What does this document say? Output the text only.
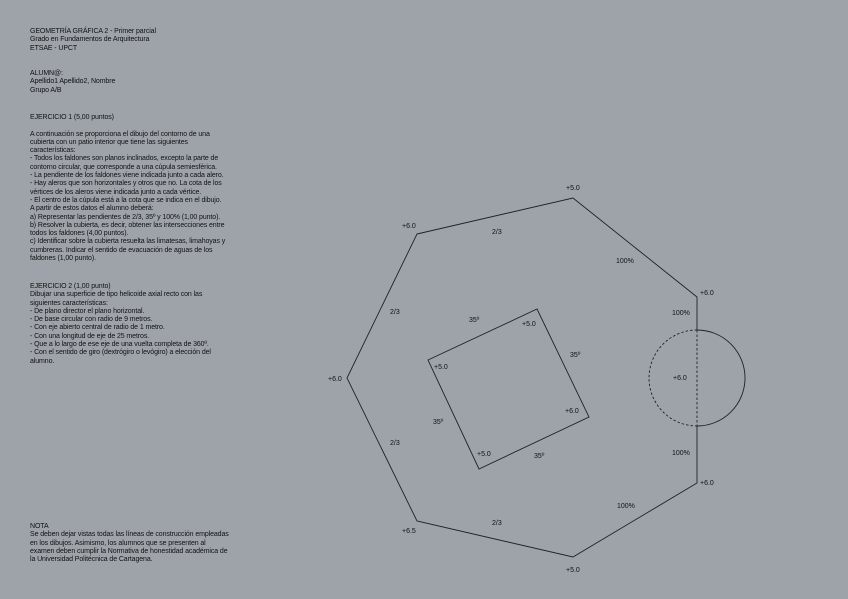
GEOMETRÍA GRÁFICA 2 - Primer parcial
Grado en Fundamentos de Arquitectura
ETSAE - UPCT
ALUMN@:
Apellido1 Apellido2, Nombre
Grupo A/B
EJERCICIO 1 (5,00 puntos)
A continuación se proporciona el dibujo del contorno de una
cubierta con un patio interior que tiene las siguientes
características:
- Todos los faldones son planos inclinados, excepto la parte de
contorno circular, que corresponde a una cúpula semiesférica.
- La pendiente de los faldones viene indicada junto a cada alero.
- Hay aleros que son horizontales y otros que no. La cota de los
vértices de los aleros viene indicada junto a cada vértice.
- El centro de la cúpula está a la cota que se indica en el dibujo.
A partir de estos datos el alumno deberá:
a) Representar las pendientes de 2/3, 35º y 100% (1,00 punto).
b) Resolver la cubierta, es decir, obtener las intersecciones entre
todos los faldones (4,00 puntos).
c) Identificar sobre la cubierta resuelta las limatesas, limahoyas y
cumbreras. Indicar el sentido de evacuación de aguas de los
faldones (1,00 punto).
EJERCICIO 2 (1,00 punto)
Dibujar una superficie de tipo helicoide axial recto con las
siguientes características:
- De plano director el plano horizontal.
- De base circular con radio de 9 metros.
- Con eje abierto central de radio de 1 metro.
- Con una longitud de eje de 25 metros.
- Que a lo largo de ese eje de una vuelta completa de 360º.
- Con el sentido de giro (dextrógiro o levógiro) a elección del
alumno.
NOTA
Se deben dejar vistas todas las líneas de construcción empleadas
en los dibujos. Asimismo, los alumnos que se presenten al
examen deben cumplir la Normativa de honestidad académica de
la Universidad Politécnica de Cartagena.
+6.0
+5.0
+6.0
+6.0
+6.0
+5.0
+6.5
2/3
100%
100%
2/3
2/3
100%
100%
2/3
+6.0
+5.0
+5.0
+6.0
+5.0
35º
35º
35º
35º
